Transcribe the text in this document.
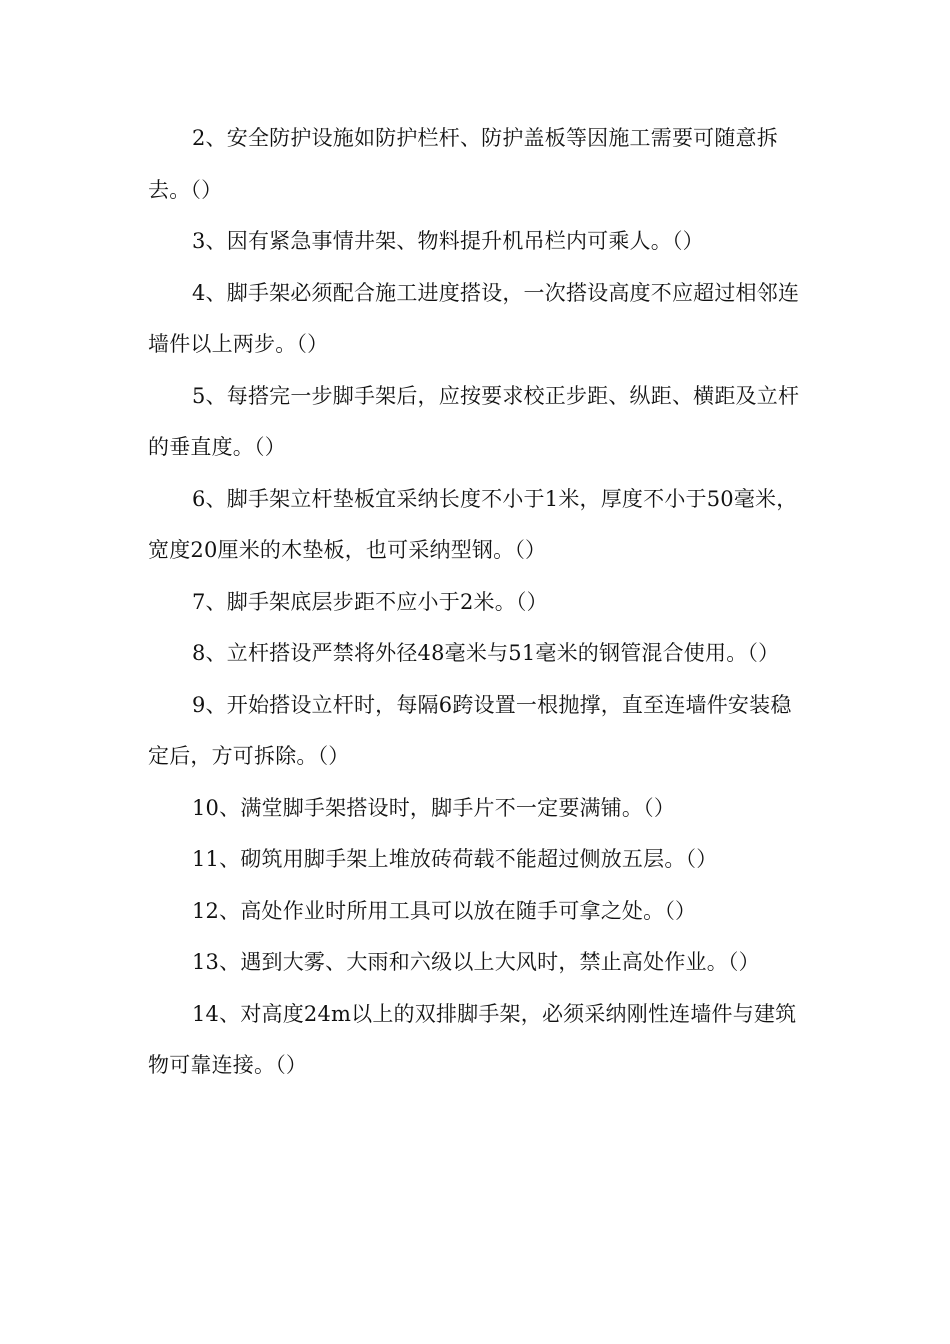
2、安全防护设施如防护栏杆、防护盖板等因施工需要可随意拆去。（）

3、因有紧急事情井架、物料提升机吊栏内可乘人。（）

4、脚手架必须配合施工进度搭设，一次搭设高度不应超过相邻连墙件以上两步。（）

5、每搭完一步脚手架后，应按要求校正步距、纵距、横距及立杆的垂直度。（）

6、脚手架立杆垫板宜采纳长度不小于1米，厚度不小于50毫米，宽度20厘米的木垫板，也可采纳型钢。（）

7、脚手架底层步距不应小于2米。（）

8、立杆搭设严禁将外径48毫米与51毫米的钢管混合使用。（）

9、开始搭设立杆时，每隔6跨设置一根抛撑，直至连墙件安装稳定后，方可拆除。（）

10、满堂脚手架搭设时，脚手片不一定要满铺。（）

11、砌筑用脚手架上堆放砖荷载不能超过侧放五层。（）

12、高处作业时所用工具可以放在随手可拿之处。（）

13、遇到大雾、大雨和六级以上大风时，禁止高处作业。（）

14、对高度24m以上的双排脚手架，必须采纳刚性连墙件与建筑物可靠连接。（）
